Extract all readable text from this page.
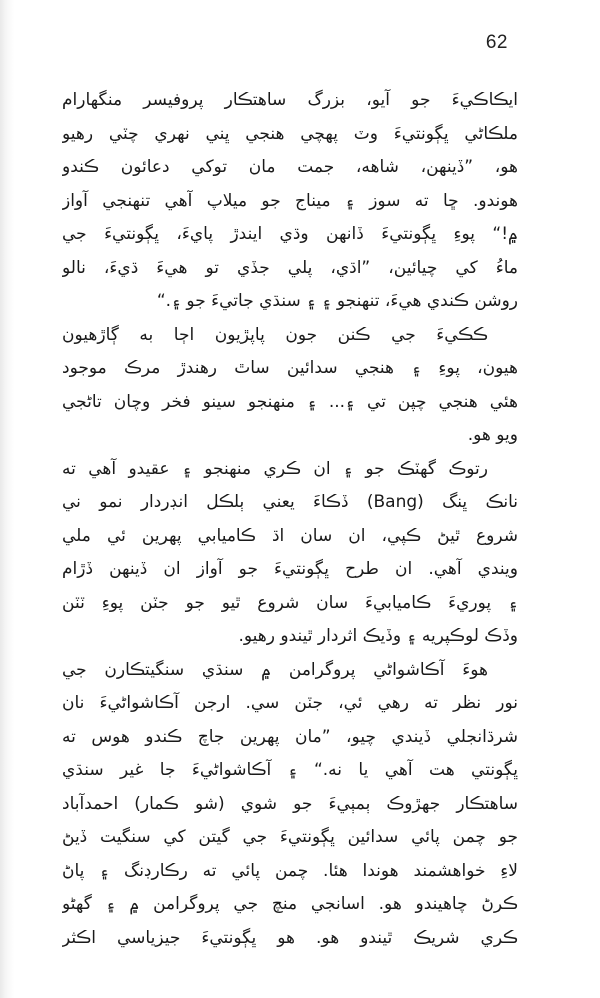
62
ايڪاڪيءَ جو آيو، بزرگ ساهتڪار پروفيسر منگهارام
ملڪاڻي ڀڳونتيءَ وٽ پهچي هنجي ڀني نهري چٽي رهيو
هو، ”ڏينهن، شاهه، جمت مان توکي دعائون ڪندو
هوندو. ڇا ته سوز ۽ ميناج جو ميلاپ آهي تنهنجي آواز
۾!“ پوءِ ڀڳونتيءَ ڏانهن وڌي ايندڙ پايءَ، ڀڳونتيءَ جي
ماءُ کي چيائين، ”اڌي، پلي جڏي تو هيءَ ڌيءَ، نالو
روشن ڪندي هيءَ، تنهنجو ۽ ۽ سنڌي جاتيءَ جو ۽.“
ڪڪيءَ جي ڪنن جون پاپڙيون اڄا به ڳاڙهيون
هيون، پوءِ ۽ هنجي سدائين ساٿ رهندڙ مرڪ موجود
هئي هنجي چپن تي ۽... ۽ منهنجو سينو فخر وچان تاڻجي
ويو هو.
رتوڪ گهٽڪ جو ۽ ان ڪري منهنجو ۽ عقيدو آهي ته
نانڪ ڀنگ (Bang) ڏڪاءَ يعني ٻلڪل انڊردار نمو ني
شروع ٿيڻ ڪپي، ان سان اڌ ڪاميابي پهرين ئي ملي
ويندي آهي. ان طرح ڀڳونتيءَ جو آواز ان ڏينهن ڏڙام
۽ پوريءَ ڪاميابيءَ سان شروع ٿيو جو جٽن پوءِ ٽٽن
وڏڪ لوڪپريه ۽ وڏيڪ اثردار ٿيندو رهيو.
هوءَ آڪاشواڻي پروگرامن ۾ سنڌي سنگيتڪارن جي
نور نظر ته رهي ئي، جٽن سي. ارجن آڪاشواڻيءَ نان
شرڌانجلي ڏيندي چيو، ”مان پهرين جاچ ڪندو هوس ته
ڀڳونتي هت آهي يا نه.“ ۽ آڪاشواڻيءَ جا غير سنڌي
ساهتڪار جهڙوڪ ٻمٻيءَ جو شوي (شو ڪمار) احمدآباد
جو چمن پائي سدائين ڀڳونتيءَ جي گيتن کي سنگيت ڏيڻ
لاءِ خواهشمند هوندا هئا. چمن پائي ته رڪارڊنگ ۽ پاڻ
ڪرڻ چاهيندو هو. اسانجي منچ جي پروگرامن ۾ ۽ گهڻو
ڪري شريڪ ٿيندو هو. هو ڀڳونتيءَ جيزياسي اڪثر
